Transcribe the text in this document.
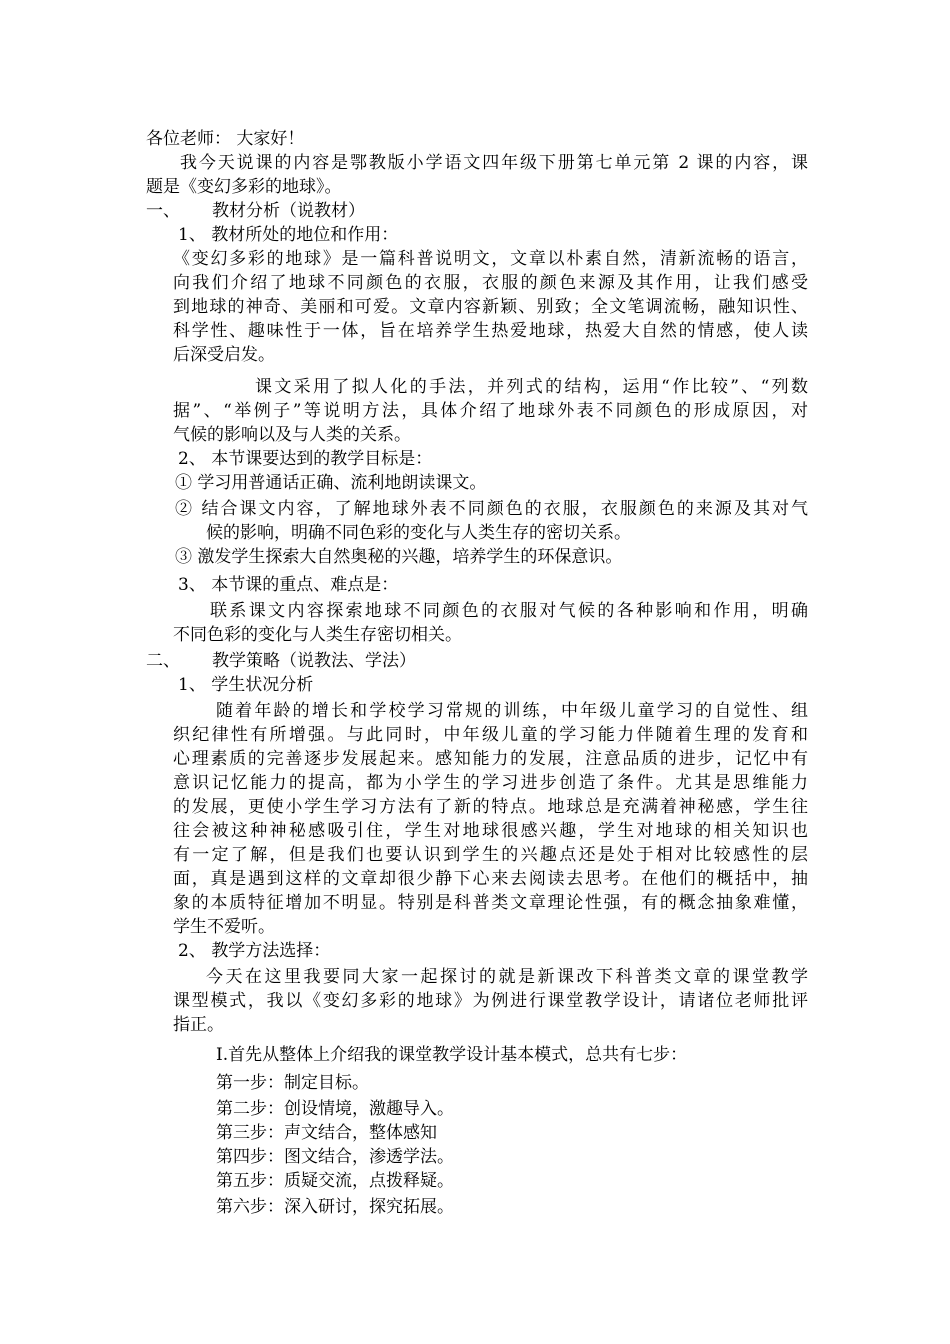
各位老师： 大家好！
我今天说课的内容是鄂教版小学语文四年级下册第七单元第 2 课的内容，课
题是《变幻多彩的地球》。
一、 教材分析（说教材）
1、 教材所处的地位和作用：
《变幻多彩的地球》是一篇科普说明文，文章以朴素自然，清新流畅的语言，
向我们介绍了地球不同颜色的衣服，衣服的颜色来源及其作用，让我们感受
到地球的神奇、美丽和可爱。文章内容新颖、别致；全文笔调流畅，融知识性、
科学性、趣味性于一体，旨在培养学生热爱地球，热爱大自然的情感，使人读
后深受启发。
课文采用了拟人化的手法，并列式的结构，运用“作比较”、“列数
据”、“举例子”等说明方法，具体介绍了地球外表不同颜色的形成原因，对
气候的影响以及与人类的关系。
2、 本节课要达到的教学目标是：
① 学习用普通话正确、流利地朗读课文。
② 结合课文内容，了解地球外表不同颜色的衣服，衣服颜色的来源及其对气
候的影响，明确不同色彩的变化与人类生存的密切关系。
③ 激发学生探索大自然奥秘的兴趣，培养学生的环保意识。
3、 本节课的重点、难点是：
联系课文内容探索地球不同颜色的衣服对气候的各种影响和作用，明确
不同色彩的变化与人类生存密切相关。
二、 教学策略（说教法、学法）
1、 学生状况分析
随着年龄的增长和学校学习常规的训练，中年级儿童学习的自觉性、组
织纪律性有所增强。与此同时，中年级儿童的学习能力伴随着生理的发育和
心理素质的完善逐步发展起来。感知能力的发展，注意品质的进步，记忆中有
意识记忆能力的提高，都为小学生的学习进步创造了条件。尤其是思维能力
的发展，更使小学生学习方法有了新的特点。地球总是充满着神秘感，学生往
往会被这种神秘感吸引住，学生对地球很感兴趣，学生对地球的相关知识也
有一定了解，但是我们也要认识到学生的兴趣点还是处于相对比较感性的层
面，真是遇到这样的文章却很少静下心来去阅读去思考。在他们的概括中，抽
象的本质特征增加不明显。特别是科普类文章理论性强，有的概念抽象难懂，
学生不爱听。
2、 教学方法选择：
今天在这里我要同大家一起探讨的就是新课改下科普类文章的课堂教学
课型模式，我以《变幻多彩的地球》为例进行课堂教学设计，请诸位老师批评
指正。
Ⅰ.首先从整体上介绍我的课堂教学设计基本模式，总共有七步：
第一步：制定目标。
第二步：创设情境，激趣导入。
第三步：声文结合，整体感知
第四步：图文结合，渗透学法。
第五步：质疑交流，点拨释疑。
第六步：深入研讨，探究拓展。
